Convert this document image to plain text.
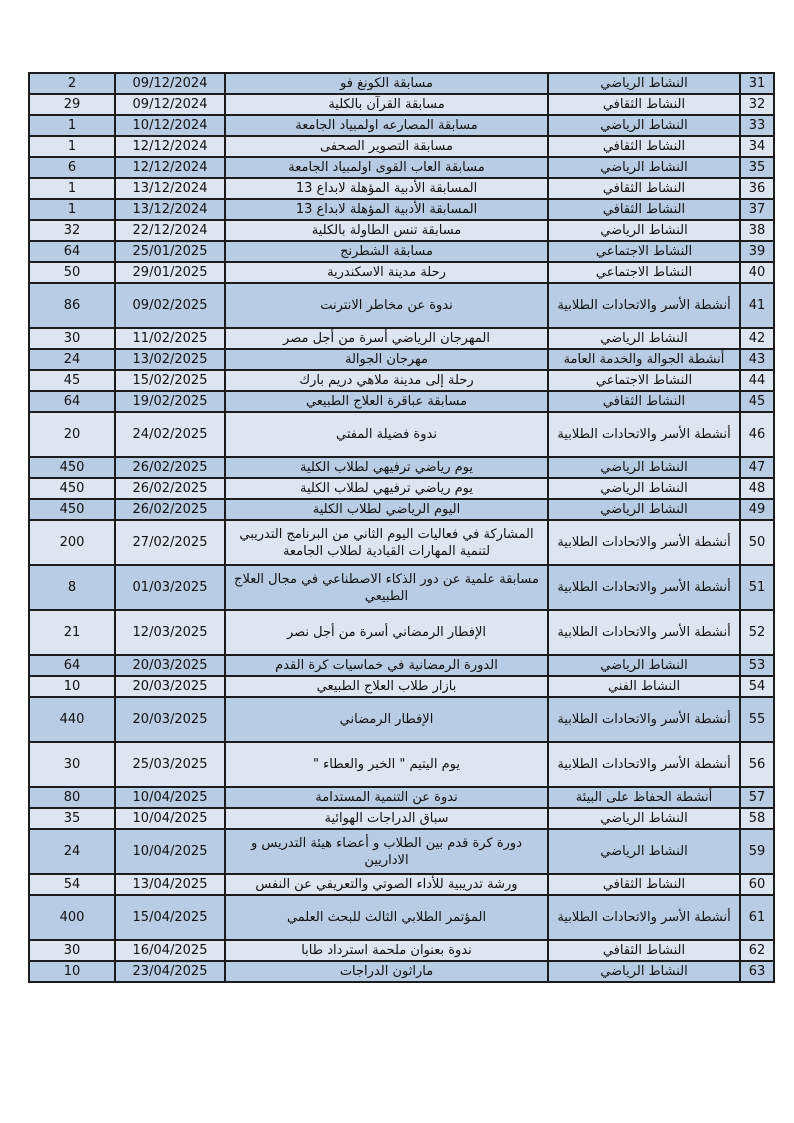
2	09/12/2024	مسابقة الكونغ فو	النشاط الرياضي	31
29	09/12/2024	مسابقة القرآن بالكلية	النشاط الثقافي	32
1	10/12/2024	مسابقة المصارعه اولمبياد الجامعة	النشاط الرياضي	33
1	12/12/2024	مسابقة التصوير الصحفى	النشاط الثقافي	34
6	12/12/2024	مسابقة العاب القوى اولمبياد الجامعة	النشاط الرياضي	35
1	13/12/2024	المسابقة الأدبية المؤهلة لابداع 13	النشاط الثقافي	36
1	13/12/2024	المسابقة الأدبية المؤهلة لابداع 13	النشاط الثقافي	37
32	22/12/2024	مسابقة تنس الطاولة بالكلية	النشاط الرياضي	38
64	25/01/2025	مسابقة الشطرنج	النشاط الاجتماعي	39
50	29/01/2025	رحلة مدينة الاسكندرية	النشاط الاجتماعي	40
86	09/02/2025	ندوة عن مخاطر الانترنت	أنشطة الأسر والاتحادات الطلابية	41
30	11/02/2025	المهرجان الرياضي أسرة من أجل مصر	النشاط الرياضي	42
24	13/02/2025	مهرجان الجوالة	أنشطة الجوالة والخدمة العامة	43
45	15/02/2025	رحلة إلى مدينة ملاهي دريم بارك	النشاط الاجتماعي	44
64	19/02/2025	مسابقة عباقرة العلاج الطبيعي	النشاط الثقافي	45
20	24/02/2025	ندوة فضيلة المفتي	أنشطة الأسر والاتحادات الطلابية	46
450	26/02/2025	يوم رياضي ترفيهي لطلاب الكلية	النشاط الرياضي	47
450	26/02/2025	يوم رياضي ترفيهي لطلاب الكلية	النشاط الرياضي	48
450	26/02/2025	اليوم الرياضي لطلاب الكلية	النشاط الرياضي	49
200	27/02/2025	المشاركة في فعاليات اليوم الثاني من البرنامج التدريبي لتنمية المهارات القيادية لطلاب الجامعة	أنشطة الأسر والاتحادات الطلابية	50
8	01/03/2025	مسابقة علمية عن دور الذكاء الاصطناعي في مجال العلاج الطبيعي	أنشطة الأسر والاتحادات الطلابية	51
21	12/03/2025	الإفطار الرمضاني أسرة من أجل نصر	أنشطة الأسر والاتحادات الطلابية	52
64	20/03/2025	الدورة الرمضانية في خماسيات كرة القدم	النشاط الرياضي	53
10	20/03/2025	بازار طلاب العلاج الطبيعي	النشاط الفني	54
440	20/03/2025	الإفطار الرمضاني	أنشطة الأسر والاتحادات الطلابية	55
30	25/03/2025	يوم اليتيم " الخير والعطاء "	أنشطة الأسر والاتحادات الطلابية	56
80	10/04/2025	ندوة عن التنمية المستدامة	أنشطة الحفاظ على البيئة	57
35	10/04/2025	سباق الدراجات الهوائية	النشاط الرياضي	58
24	10/04/2025	دورة كرة قدم بين الطلاب و أعضاء هيئة التدريس و الاداريين	النشاط الرياضي	59
54	13/04/2025	ورشة تدريبية للأداء الصوتي والتعريفي عن النفس	النشاط الثقافي	60
400	15/04/2025	المؤتمر الطلابي الثالث للبحث العلمي	أنشطة الأسر والاتحادات الطلابية	61
30	16/04/2025	ندوة بعنوان ملحمة استرداد طابا	النشاط الثقافي	62
10	23/04/2025	ماراثون الدراجات	النشاط الرياضي	63
